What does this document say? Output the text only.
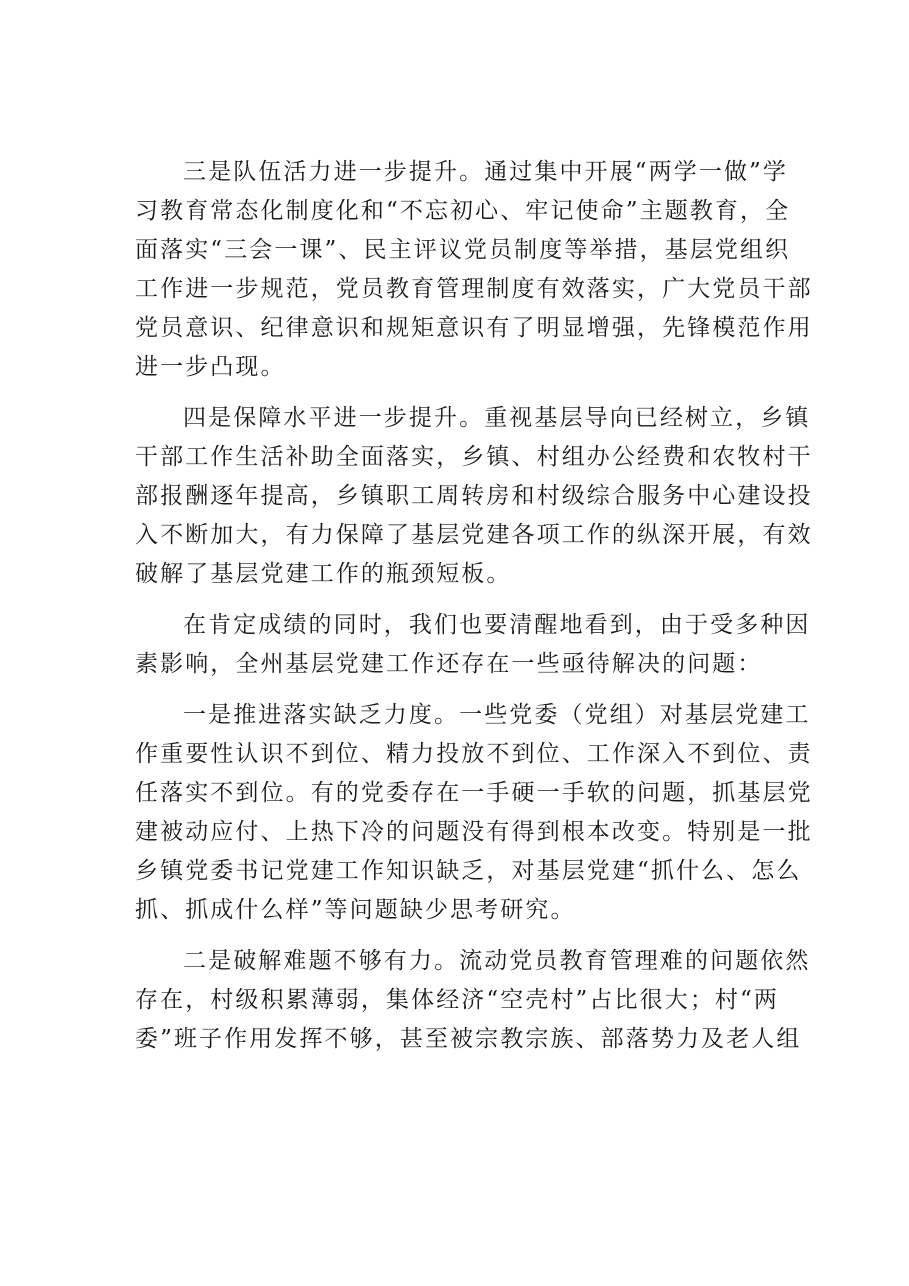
三是队伍活力进一步提升。通过集中开展“两学一做”学
习教育常态化制度化和“不忘初心、牢记使命”主题教育，全
面落实“三会一课”、民主评议党员制度等举措，基层党组织
工作进一步规范，党员教育管理制度有效落实，广大党员干部
党员意识、纪律意识和规矩意识有了明显增强，先锋模范作用
进一步凸现。

四是保障水平进一步提升。重视基层导向已经树立，乡镇
干部工作生活补助全面落实，乡镇、村组办公经费和农牧村干
部报酬逐年提高，乡镇职工周转房和村级综合服务中心建设投
入不断加大，有力保障了基层党建各项工作的纵深开展，有效
破解了基层党建工作的瓶颈短板。

在肯定成绩的同时，我们也要清醒地看到，由于受多种因
素影响，全州基层党建工作还存在一些亟待解决的问题：

一是推进落实缺乏力度。一些党委（党组）对基层党建工
作重要性认识不到位、精力投放不到位、工作深入不到位、责
任落实不到位。有的党委存在一手硬一手软的问题，抓基层党
建被动应付、上热下冷的问题没有得到根本改变。特别是一批
乡镇党委书记党建工作知识缺乏，对基层党建“抓什么、怎么
抓、抓成什么样”等问题缺少思考研究。

二是破解难题不够有力。流动党员教育管理难的问题依然
存在，村级积累薄弱，集体经济“空壳村”占比很大；村“两
委”班子作用发挥不够，甚至被宗教宗族、部落势力及老人组
